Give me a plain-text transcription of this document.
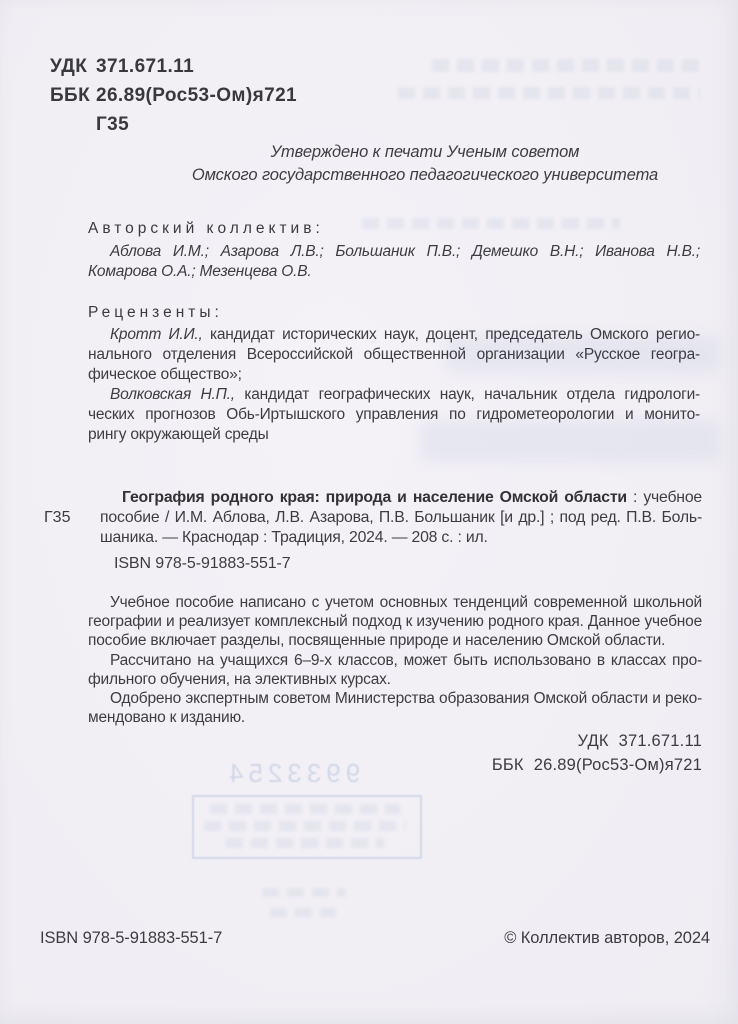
9933254
УДК 371.671.11
ББК 26.89(Рос53-Ом)я721
Г35
Утверждено к печати Ученым советом
Омского государственного педагогического университета
Авторский коллектив:
Аблова И.М.; Азарова Л.В.; Большаник П.В.; Демешко В.Н.; Иванова Н.В.;
Комарова О.А.; Мезенцева О.В.
Рецензенты:
Кротт И.И., кандидат исторических наук, доцент, председатель Омского регио-
нального отделения Всероссийской общественной организации «Русское геогра-
фическое общество»;
Волковская Н.П., кандидат географических наук, начальник отдела гидрологи-
ческих прогнозов Обь-Иртышского управления по гидрометеорологии и монито-
рингу окружающей среды
Г35
География родного края: природа и население Омской области : учебное
пособие / И.М. Аблова, Л.В. Азарова, П.В. Большаник [и др.] ; под ред. П.В. Боль-
шаника. — Краснодар : Традиция, 2024. — 208 с. : ил.
ISBN 978-5-91883-551-7
Учебное пособие написано с учетом основных тенденций современной школьной
географии и реализует комплексный подход к изучению родного края. Данное учебное
пособие включает разделы, посвященные природе и населению Омской области.
Рассчитано на учащихся 6–9-х классов, может быть использовано в классах про-
фильного обучения, на элективных курсах.
Одобрено экспертным советом Министерства образования Омской области и реко-
мендовано к изданию.
УДК 371.671.11
ББК 26.89(Рос53-Ом)я721
ISBN 978-5-91883-551-7	© Коллектив авторов, 2024
